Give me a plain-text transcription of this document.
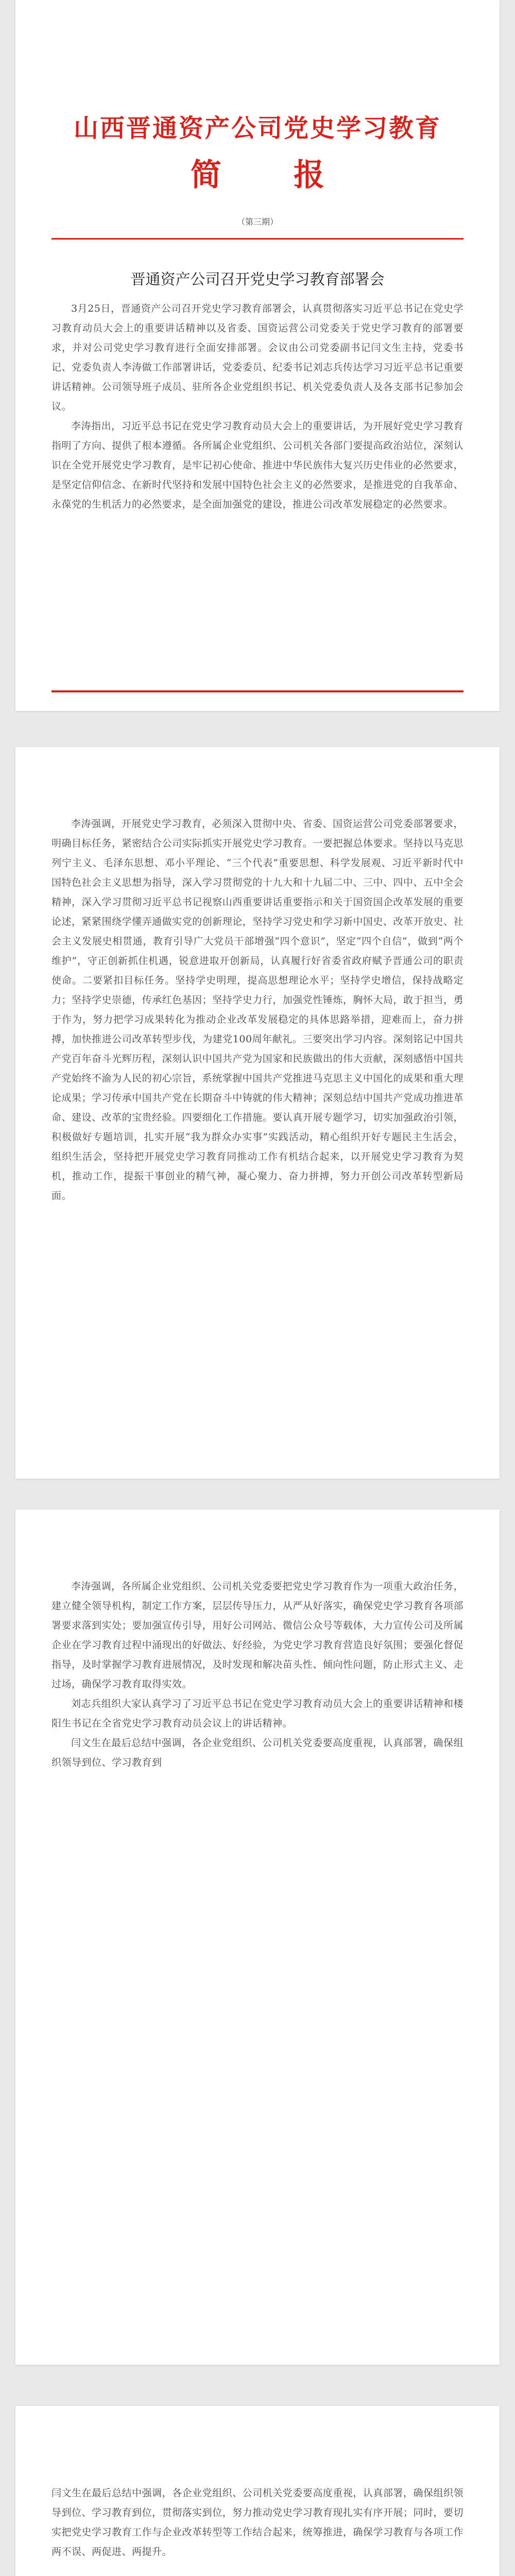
山西晋通资产公司党史学习教育
简报
（第三期）
晋通资产公司召开党史学习教育部署会

3月25日，晋通资产公司召开党史学习教育部署会，认真贯彻落实习近平总书记在党史学习教育动员大会上的重要讲话精神以及省委、国资运营公司党委关于党史学习教育的部署要求，并对公司党史学习教育进行全面安排部署。会议由公司党委副书记闫文生主持，党委书记、党委负责人李涛做工作部署讲话，党委委员、纪委书记刘志兵传达学习习近平总书记重要讲话精神。公司领导班子成员、驻所各企业党组织书记、机关党委负责人及各支部书记参加会议。

李涛指出，习近平总书记在党史学习教育动员大会上的重要讲话，为开展好党史学习教育指明了方向、提供了根本遵循。各所属企业党组织、公司机关各部门要提高政治站位，深刻认识在全党开展党史学习教育，是牢记初心使命、推进中华民族伟大复兴历史伟业的必然要求，是坚定信仰信念、在新时代坚持和发展中国特色社会主义的必然要求，是推进党的自我革命、永葆党的生机活力的必然要求，是全面加强党的建设，推进公司改革发展稳定的必然要求。

李涛强调，开展党史学习教育，必须深入贯彻中央、省委、国资运营公司党委部署要求，明确目标任务，紧密结合公司实际抓实开展党史学习教育。一要把握总体要求。坚持以马克思列宁主义、毛泽东思想、邓小平理论、“三个代表”重要思想、科学发展观、习近平新时代中国特色社会主义思想为指导，深入学习贯彻党的十九大和十九届二中、三中、四中、五中全会精神，深入学习贯彻习近平总书记视察山西重要讲话重要指示和关于国资国企改革发展的重要论述，紧紧围绕学懂弄通做实党的创新理论，坚持学习党史和学习新中国史、改革开放史、社会主义发展史相贯通，教育引导广大党员干部增强“四个意识”，坚定“四个自信”，做到“两个维护”，守正创新抓住机遇，锐意进取开创新局，认真履行好省委省政府赋予晋通公司的职责使命。二要紧扣目标任务。坚持学史明理，提高思想理论水平；坚持学史增信，保持战略定力；坚持学史崇德，传承红色基因；坚持学史力行，加强党性锤炼，胸怀大局，敢于担当，勇于作为，努力把学习成果转化为推动企业改革发展稳定的具体思路举措，迎难而上，奋力拼搏，加快推进公司改革转型步伐，为建党100周年献礼。三要突出学习内容。深刻铭记中国共产党百年奋斗光辉历程，深刻认识中国共产党为国家和民族做出的伟大贡献，深刻感悟中国共产党始终不渝为人民的初心宗旨，系统掌握中国共产党推进马克思主义中国化的成果和重大理论成果；学习传承中国共产党在长期奋斗中铸就的伟大精神；深刻总结中国共产党成功推进革命、建设、改革的宝贵经验。四要细化工作措施。要认真开展专题学习，切实加强政治引领，积极做好专题培训，扎实开展“我为群众办实事”实践活动，精心组织开好专题民主生活会，组织生活会，坚持把开展党史学习教育同推动工作有机结合起来，以开展党史学习教育为契机，推动工作，提振干事创业的精气神，凝心聚力、奋力拼搏，努力开创公司改革转型新局面。

李涛强调，各所属企业党组织、公司机关党委要把党史学习教育作为一项重大政治任务，建立健全领导机构，制定工作方案，层层传导压力，从严从好落实，确保党史学习教育各项部署要求落到实处；要加强宣传引导，用好公司网站、微信公众号等载体，大力宣传公司及所属企业在学习教育过程中涌现出的好做法、好经验，为党史学习教育营造良好氛围；要强化督促指导，及时掌握学习教育进展情况，及时发现和解决苗头性、倾向性问题，防止形式主义、走过场，确保学习教育取得实效。

刘志兵组织大家认真学习了习近平总书记在党史学习教育动员大会上的重要讲话精神和楼阳生书记在全省党史学习教育动员会议上的讲话精神。

闫文生在最后总结中强调，各企业党组织、公司机关党委要高度重视，认真部署，确保组织领导到位、学习教育到

闫文生在最后总结中强调，各企业党组织、公司机关党委要高度重视，认真部署，确保组织领导到位、学习教育到位，贯彻落实到位，努力推动党史学习教育现扎实有序开展；同时，要切实把党史学习教育工作与企业改革转型等工作结合起来，统筹推进，确保学习教育与各项工作两不误、两促进、两提升。
